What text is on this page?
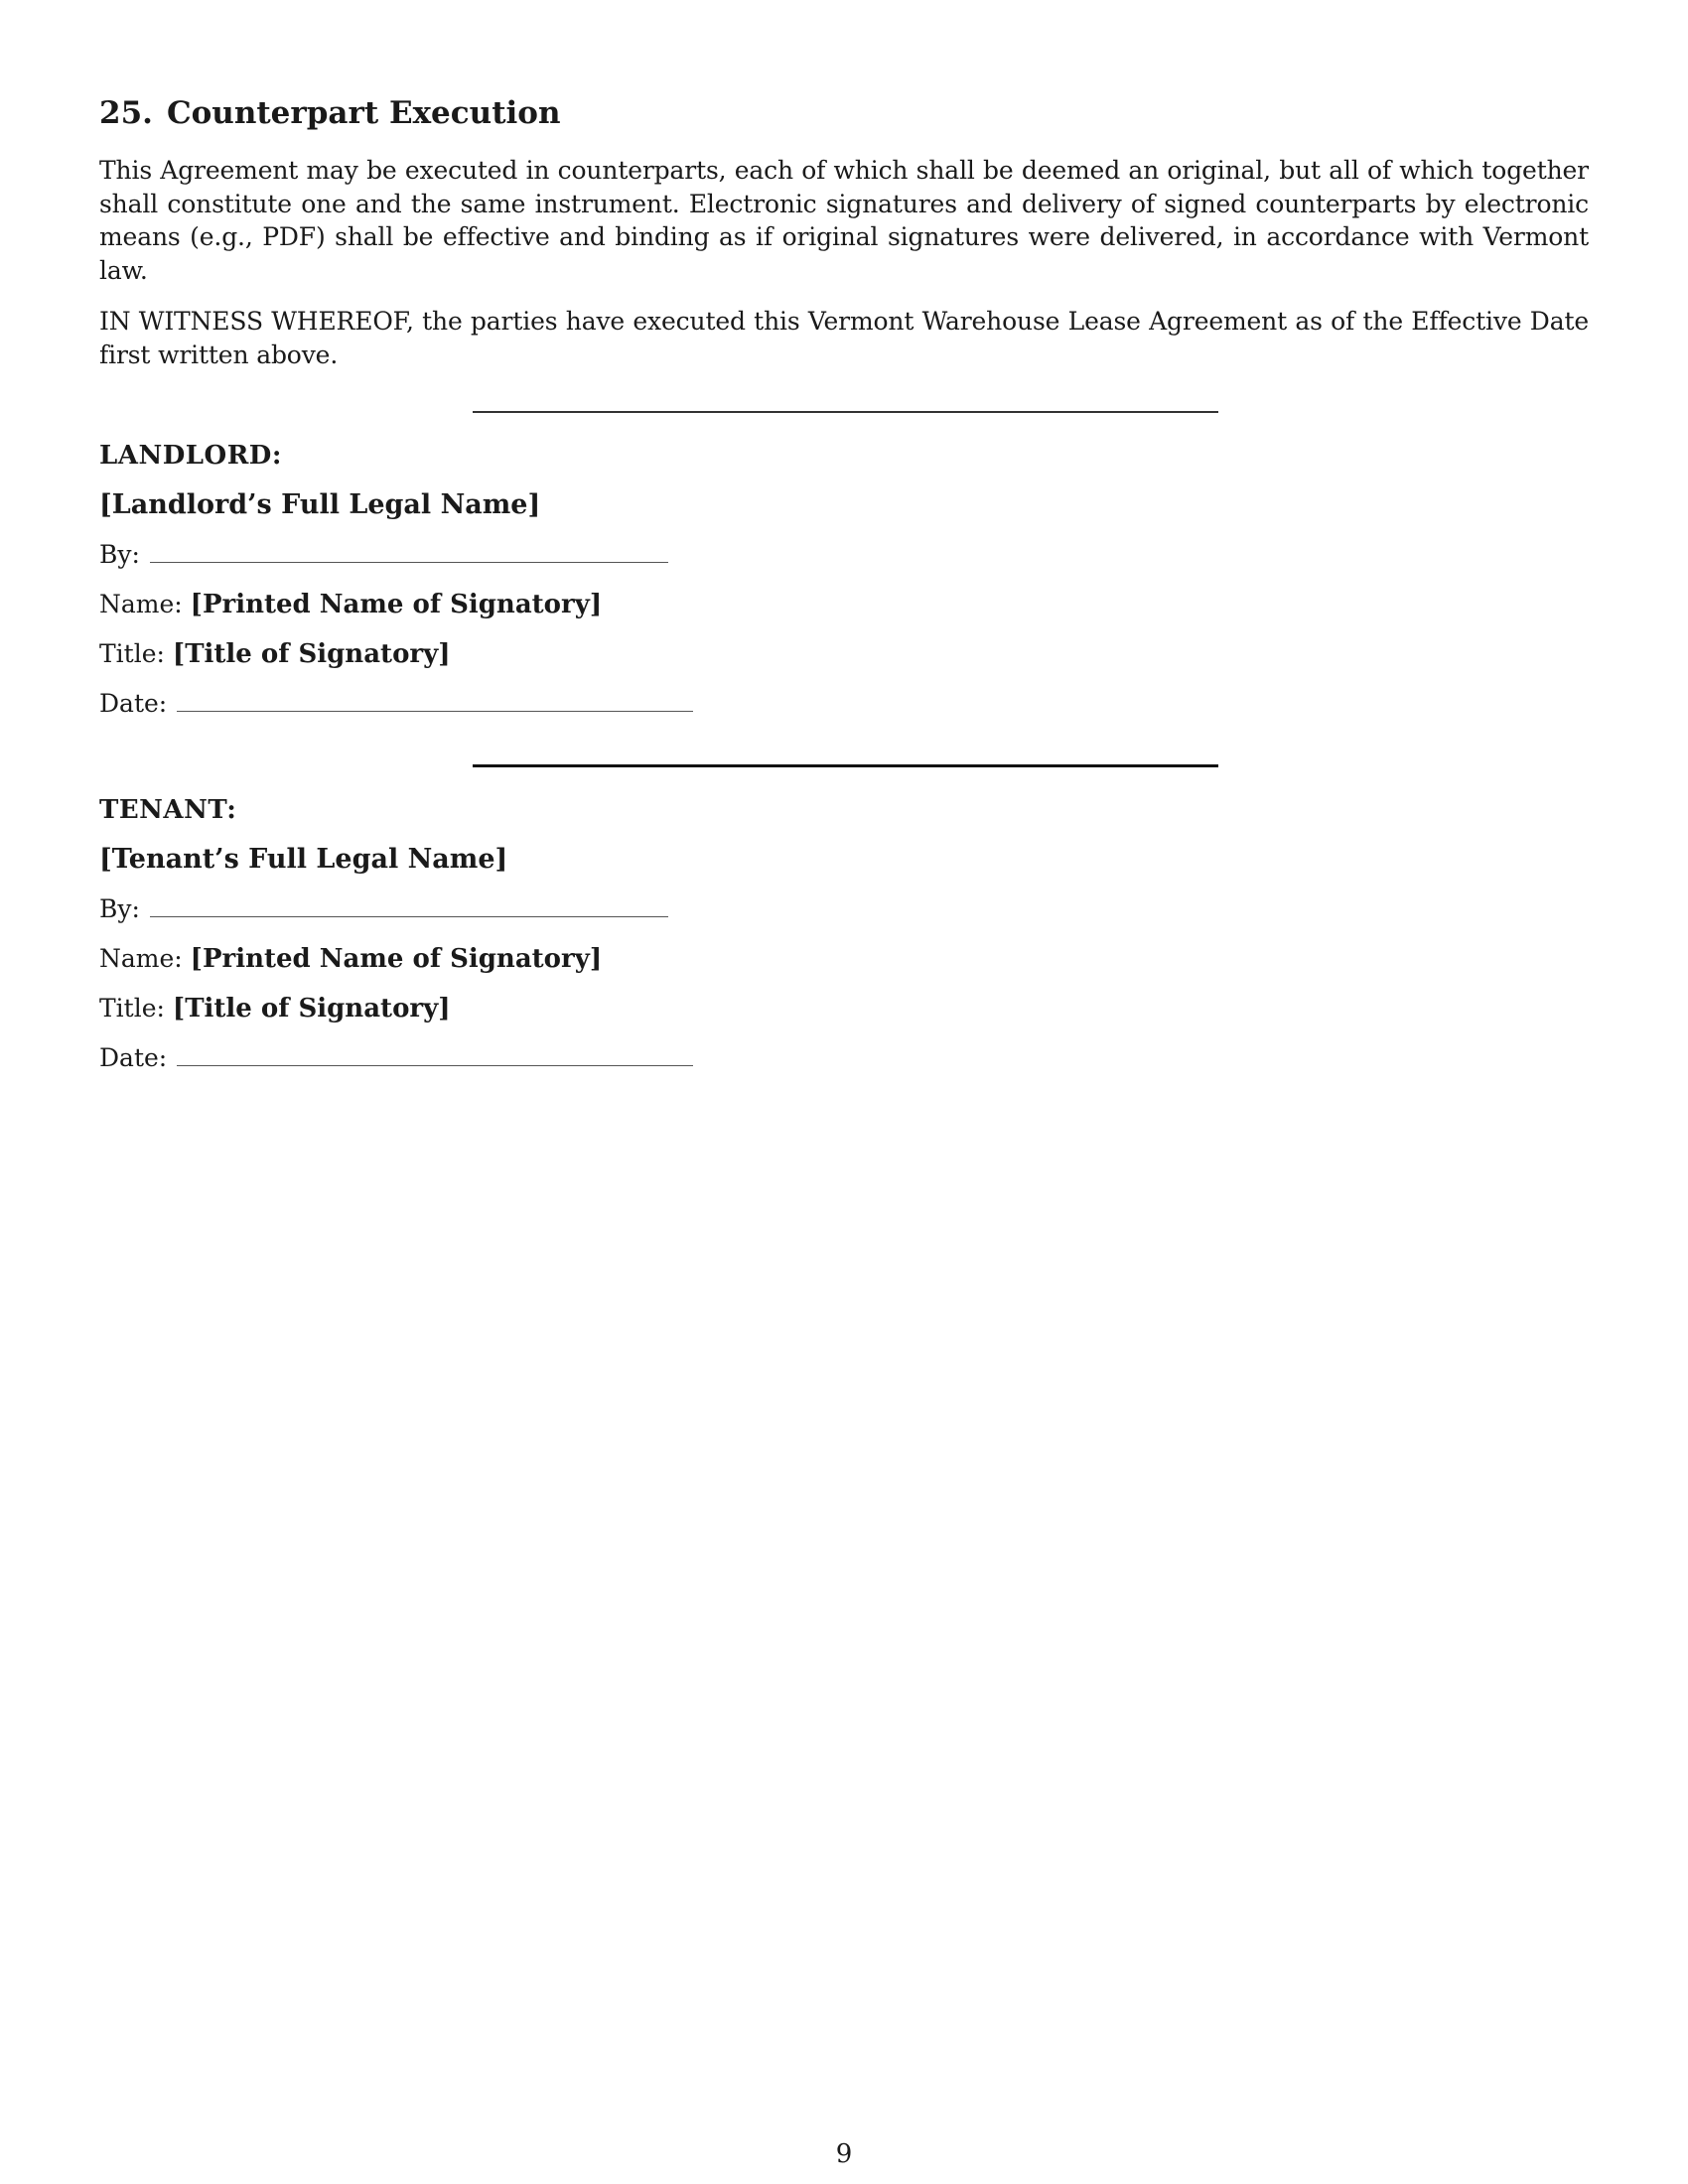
25. Counterpart Execution

This Agreement may be executed in counterparts, each of which shall be deemed an original, but all of which together shall constitute one and the same instrument. Electronic signatures and delivery of signed counterparts by electronic means (e.g., PDF) shall be effective and binding as if original signatures were delivered, in accordance with Vermont law.

IN WITNESS WHEREOF, the parties have executed this Vermont Warehouse Lease Agreement as of the Effective Date first written above.

LANDLORD:
[Landlord’s Full Legal Name]
By:
Name: [Printed Name of Signatory]
Title: [Title of Signatory]
Date:
TENANT:
[Tenant’s Full Legal Name]
By:
Name: [Printed Name of Signatory]
Title: [Title of Signatory]
Date:
9
